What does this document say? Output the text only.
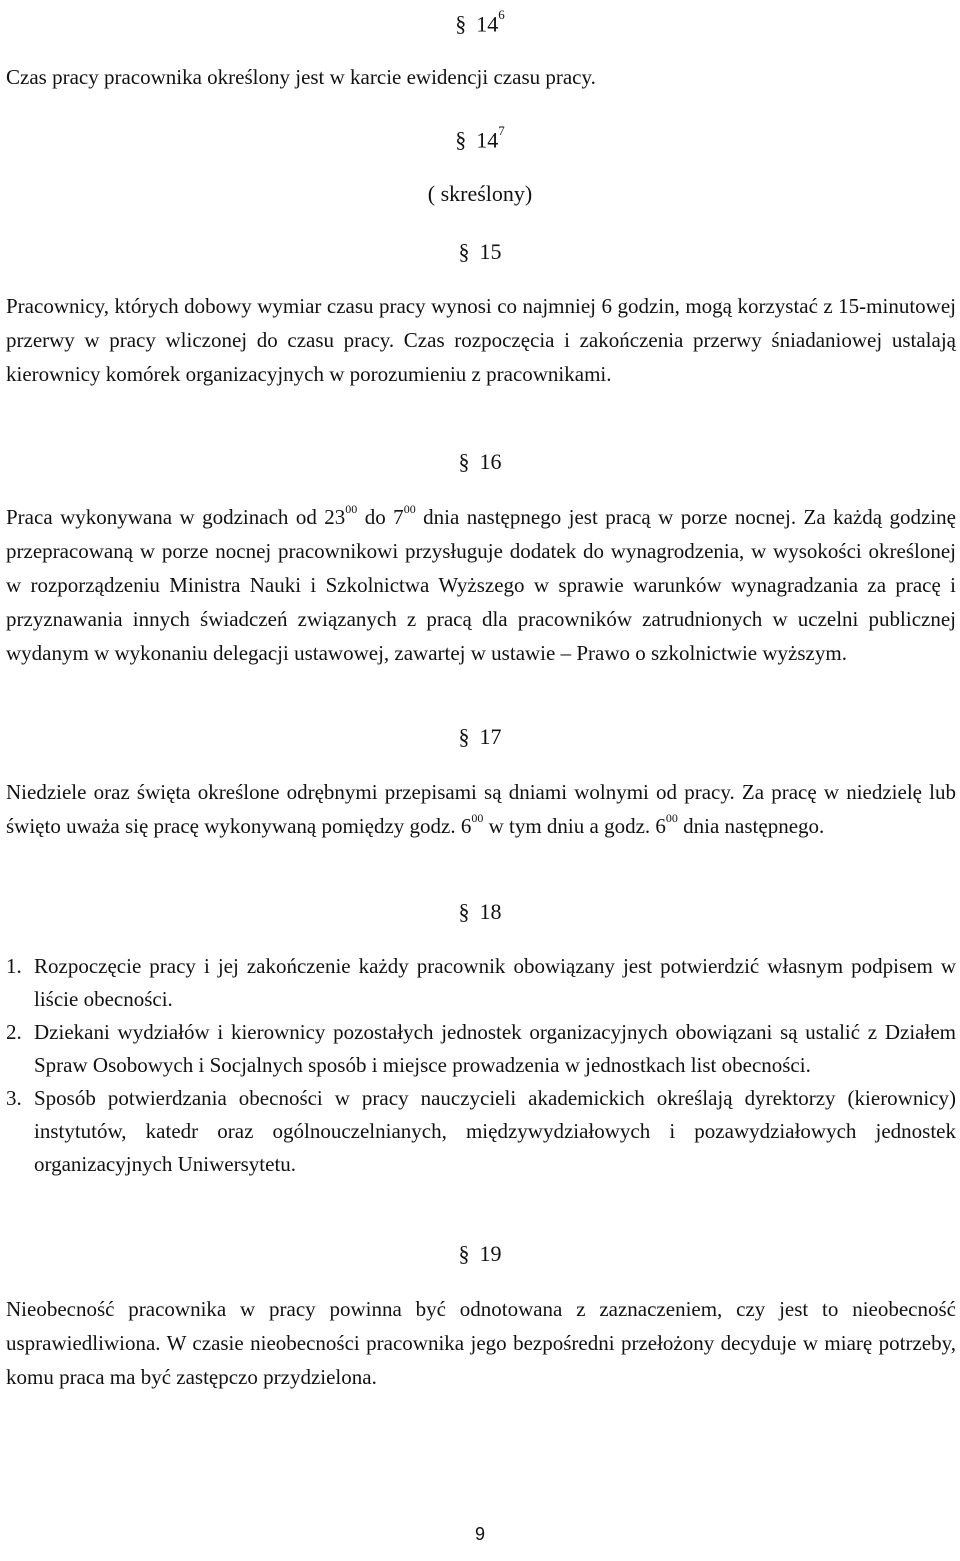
§ $14^6$
Czas pracy pracownika określony jest w karcie ewidencji czasu pracy.
§ $14^7$
( skreślony)
§ 15
Pracownicy, których dobowy wymiar czasu pracy wynosi co najmniej 6 godzin, mogą korzystać z 15-minutowej przerwy w pracy wliczonej do czasu pracy. Czas rozpoczęcia i zakończenia przerwy śniadaniowej ustalają kierownicy komórek organizacyjnych w porozumieniu z pracownikami.
§ 16
Praca wykonywana w godzinach od $23^{00}$ do $7^{00}$ dnia następnego jest pracą w porze nocnej. Za każdą godzinę przepracowaną w porze nocnej pracownikowi przysługuje dodatek do wynagrodzenia, w wysokości określonej w rozporządzeniu Ministra Nauki i Szkolnictwa Wyższego w sprawie warunków wynagradzania za pracę i przyznawania innych świadczeń związanych z pracą dla pracowników zatrudnionych w uczelni publicznej wydanym w wykonaniu delegacji ustawowej, zawartej w ustawie – Prawo o szkolnictwie wyższym.
§ 17
Niedziele oraz święta określone odrębnymi przepisami są dniami wolnymi od pracy. Za pracę w niedzielę lub święto uważa się pracę wykonywaną pomiędzy godz. $6^{00}$ w tym dniu a godz. $6^{00}$ dnia następnego.
§ 18
1. Rozpoczęcie pracy i jej zakończenie każdy pracownik obowiązany jest potwierdzić własnym podpisem w liście obecności.
2. Dziekani wydziałów i kierownicy pozostałych jednostek organizacyjnych obowiązani są ustalić z Działem Spraw Osobowych i Socjalnych sposób i miejsce prowadzenia w jednostkach list obecności.
3. Sposób potwierdzania obecności w pracy nauczycieli akademickich określają dyrektorzy (kierownicy) instytutów, katedr oraz ogólnouczelnianych, międzywydziałowych i pozawydziałowych jednostek organizacyjnych Uniwersytetu.
§ 19
Nieobecność pracownika w pracy powinna być odnotowana z zaznaczeniem, czy jest to nieobecność usprawiedliwiona. W czasie nieobecności pracownika jego bezpośredni przełożony decyduje w miarę potrzeby, komu praca ma być zastępczo przydzielona.
9
